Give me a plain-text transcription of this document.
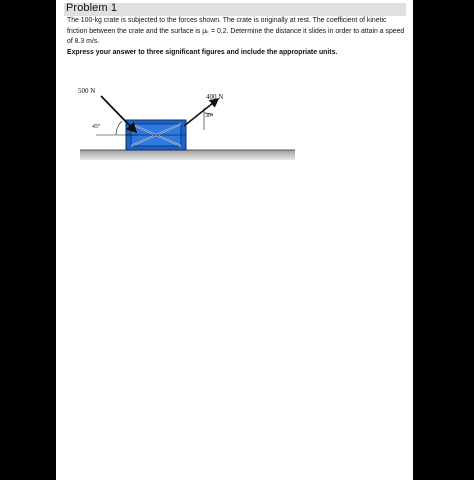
Problem 1

The 100-kg crate is subjected to the forces shown. The crate is originally at rest. The coefficient of kinetic friction between the crate and the surface is μₖ = 0.2. Determine the distance it slides in order to attain a speed of 8.3 m/s.

Express your answer to three significant figures and include the appropriate units.

500 N
45°
400 N
30°
